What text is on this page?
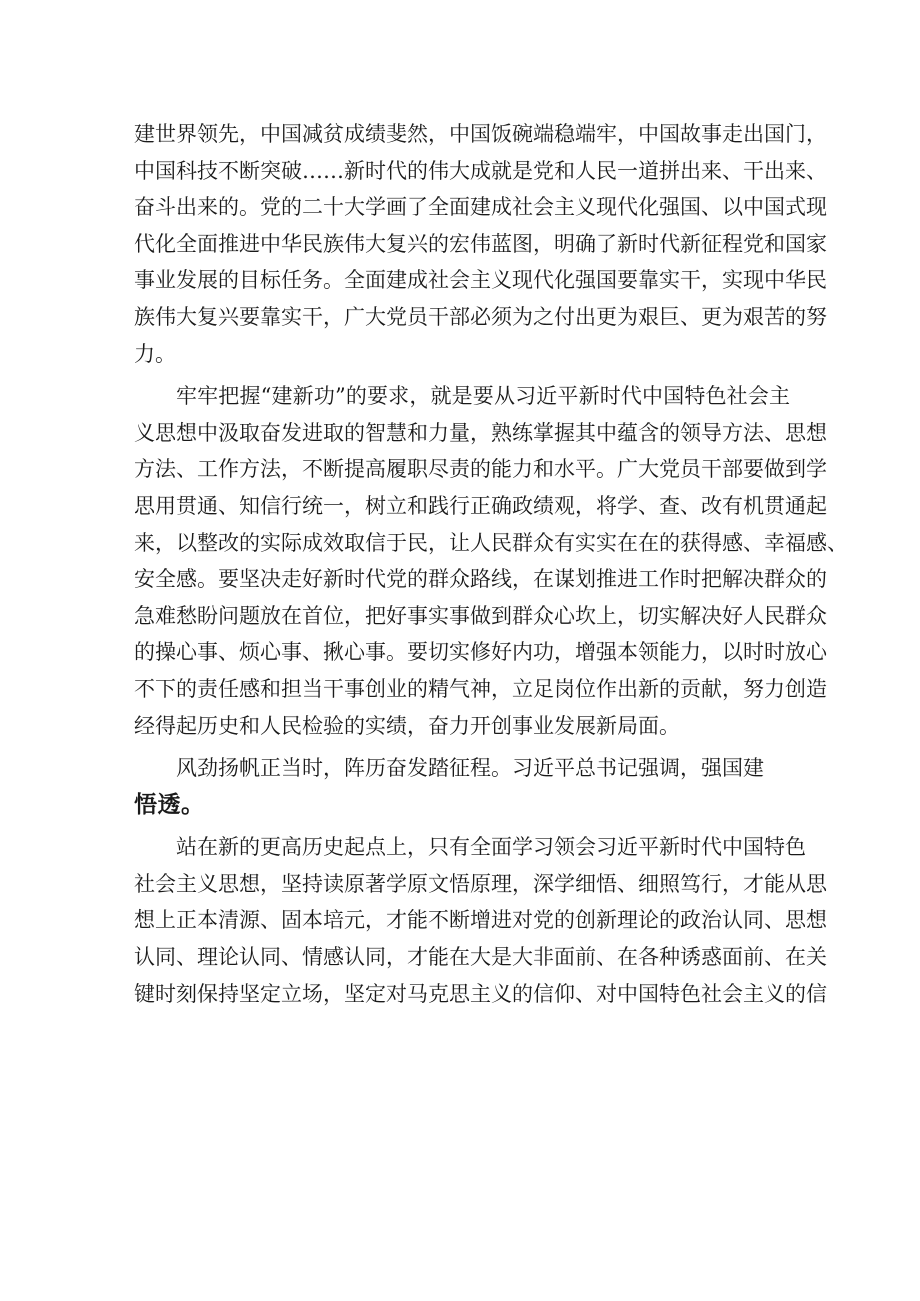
建世界领先，中国减贫成绩斐然，中国饭碗端稳端牢，中国故事走出国门，
中国科技不断突破……新时代的伟大成就是党和人民一道拼出来、干出来、
奋斗出来的。党的二十大学画了全面建成社会主义现代化强国、以中国式现
代化全面推进中华民族伟大复兴的宏伟蓝图，明确了新时代新征程党和国家
事业发展的目标任务。全面建成社会主义现代化强国要靠实干，实现中华民
族伟大复兴要靠实干，广大党员干部必须为之付出更为艰巨、更为艰苦的努
力。
牢牢把握“建新功”的要求，就是要从习近平新时代中国特色社会主
义思想中汲取奋发进取的智慧和力量，熟练掌握其中蕴含的领导方法、思想
方法、工作方法，不断提高履职尽责的能力和水平。广大党员干部要做到学
思用贯通、知信行统一，树立和践行正确政绩观，将学、查、改有机贯通起
来，以整改的实际成效取信于民，让人民群众有实实在在的获得感、幸福感、
安全感。要坚决走好新时代党的群众路线，在谋划推进工作时把解决群众的
急难愁盼问题放在首位，把好事实事做到群众心坎上，切实解决好人民群众
的操心事、烦心事、揪心事。要切实修好内功，增强本领能力，以时时放心
不下的责任感和担当干事创业的精气神，立足岗位作出新的贡献，努力创造
经得起历史和人民检验的实绩，奋力开创事业发展新局面。
风劲扬帆正当时，阵历奋发踏征程。习近平总书记强调，强国建
悟透。
站在新的更高历史起点上，只有全面学习领会习近平新时代中国特色
社会主义思想，坚持读原著学原文悟原理，深学细悟、细照笃行，才能从思
想上正本清源、固本培元，才能不断增进对党的创新理论的政治认同、思想
认同、理论认同、情感认同，才能在大是大非面前、在各种诱惑面前、在关
键时刻保持坚定立场，坚定对马克思主义的信仰、对中国特色社会主义的信
